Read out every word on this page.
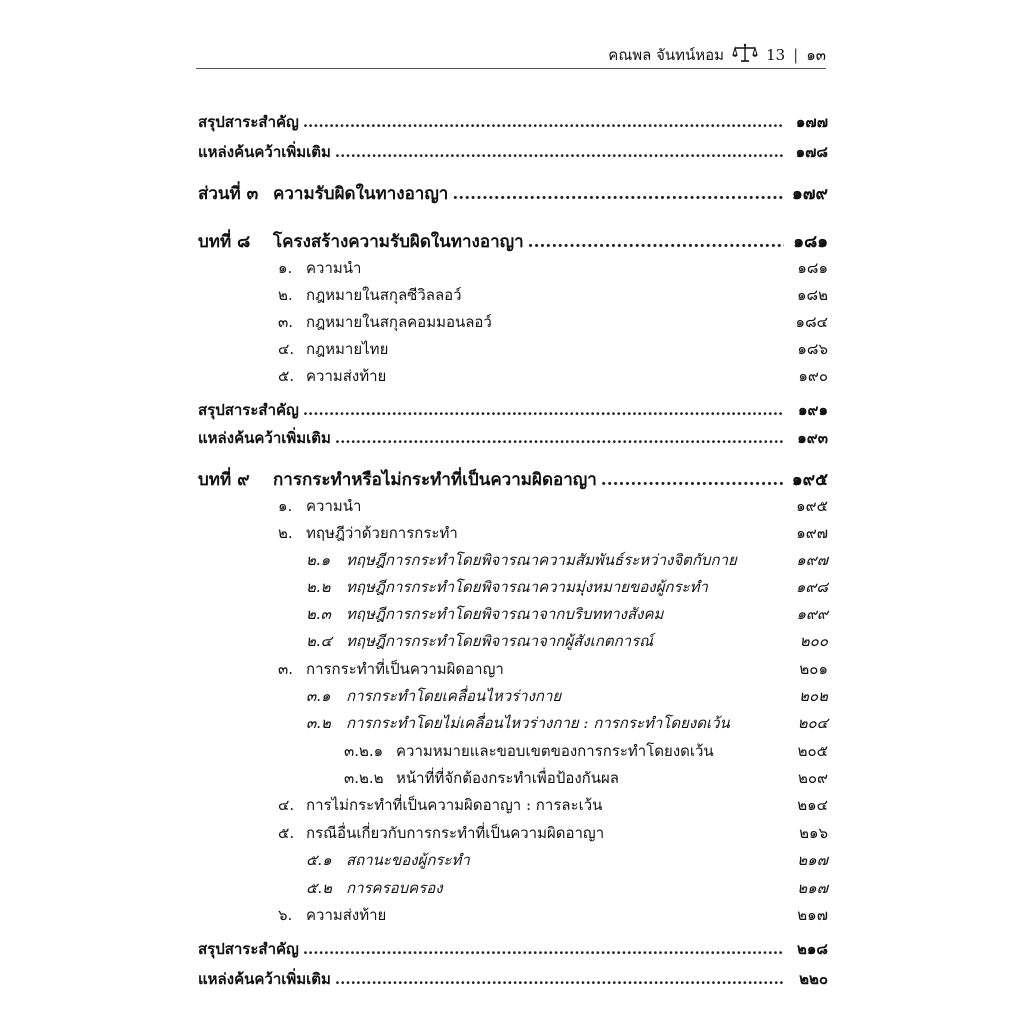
คณพล จันทน์หอม	13 | ๑๓
สรุปสาระสำคัญ .....	๑๗๗
แหล่งค้นคว้าเพิ่มเติม .....	๑๗๘
ส่วนที่ ๓ ความรับผิดในทางอาญา .....	๑๗๙
บทที่ ๘	โครงสร้างความรับผิดในทางอาญา .....	๑๘๑
๑. ความนำ	๑๘๑
๒. กฎหมายในสกุลซีวิลลอว์	๑๘๒
๓. กฎหมายในสกุลคอมมอนลอว์	๑๘๔
๔. กฎหมายไทย	๑๘๖
๕. ความส่งท้าย	๑๙๐
สรุปสาระสำคัญ .....	๑๙๑
แหล่งค้นคว้าเพิ่มเติม .....	๑๙๓
บทที่ ๙	การกระทำหรือไม่กระทำที่เป็นความผิดอาญา .....	๑๙๕
๑. ความนำ	๑๙๕
๒. ทฤษฎีว่าด้วยการกระทำ	๑๙๗
๒.๑	ทฤษฎีการกระทำโดยพิจารณาความสัมพันธ์ระหว่างจิตกับกาย	๑๙๗
๒.๒	ทฤษฎีการกระทำโดยพิจารณาความมุ่งหมายของผู้กระทำ	๑๙๘
๒.๓	ทฤษฎีการกระทำโดยพิจารณาจากบริบททางสังคม	๑๙๙
๒.๔ ทฤษฎีการกระทำโดยพิจารณาจากผู้สังเกตการณ์	๒๐๐
๓. การกระทำที่เป็นความผิดอาญา	๒๐๑
๓.๑	การกระทำโดยเคลื่อนไหวร่างกาย	๒๐๒
๓.๒	การกระทำโดยไม่เคลื่อนไหวร่างกาย : การกระทำโดยงดเว้น	๒๐๔
๓.๒.๑ ความหมายและขอบเขตของการกระทำโดยงดเว้น	๒๐๕
๓.๒.๒ หน้าที่ที่จักต้องกระทำเพื่อป้องกันผล	๒๐๙
๔. การไม่กระทำที่เป็นความผิดอาญา : การละเว้น	๒๑๔
๕. กรณีอื่นเกี่ยวกับการกระทำที่เป็นความผิดอาญา	๒๑๖
๕.๑ สถานะของผู้กระทำ	๒๑๗
๕.๒ การครอบครอง	๒๑๗
๖. ความส่งท้าย	๒๑๗
สรุปสาระสำคัญ .....	๒๑๘
แหล่งค้นคว้าเพิ่มเติม .....	๒๒๐
